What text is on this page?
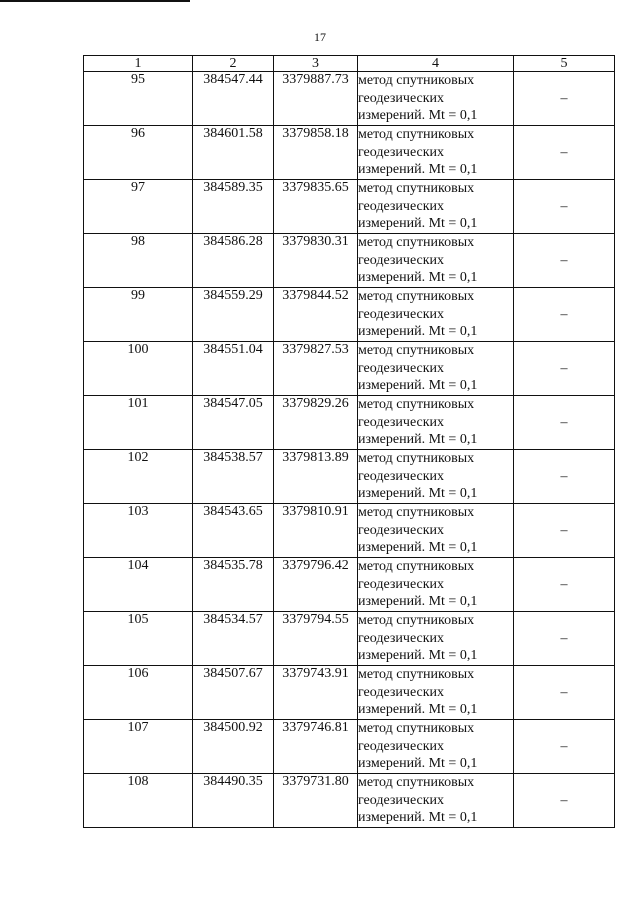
17
1	2	3	4	5
95	384547.44	3379887.73	метод спутниковых
геодезических
измерений. Mt = 0,1	–
96	384601.58	3379858.18	метод спутниковых
геодезических
измерений. Mt = 0,1	–
97	384589.35	3379835.65	метод спутниковых
геодезических
измерений. Mt = 0,1	–
98	384586.28	3379830.31	метод спутниковых
геодезических
измерений. Mt = 0,1	–
99	384559.29	3379844.52	метод спутниковых
геодезических
измерений. Mt = 0,1	–
100	384551.04	3379827.53	метод спутниковых
геодезических
измерений. Mt = 0,1	–
101	384547.05	3379829.26	метод спутниковых
геодезических
измерений. Mt = 0,1	–
102	384538.57	3379813.89	метод спутниковых
геодезических
измерений. Mt = 0,1	–
103	384543.65	3379810.91	метод спутниковых
геодезических
измерений. Mt = 0,1	–
104	384535.78	3379796.42	метод спутниковых
геодезических
измерений. Mt = 0,1	–
105	384534.57	3379794.55	метод спутниковых
геодезических
измерений. Mt = 0,1	–
106	384507.67	3379743.91	метод спутниковых
геодезических
измерений. Mt = 0,1	–
107	384500.92	3379746.81	метод спутниковых
геодезических
измерений. Mt = 0,1	–
108	384490.35	3379731.80	метод спутниковых
геодезических
измерений. Mt = 0,1	–
